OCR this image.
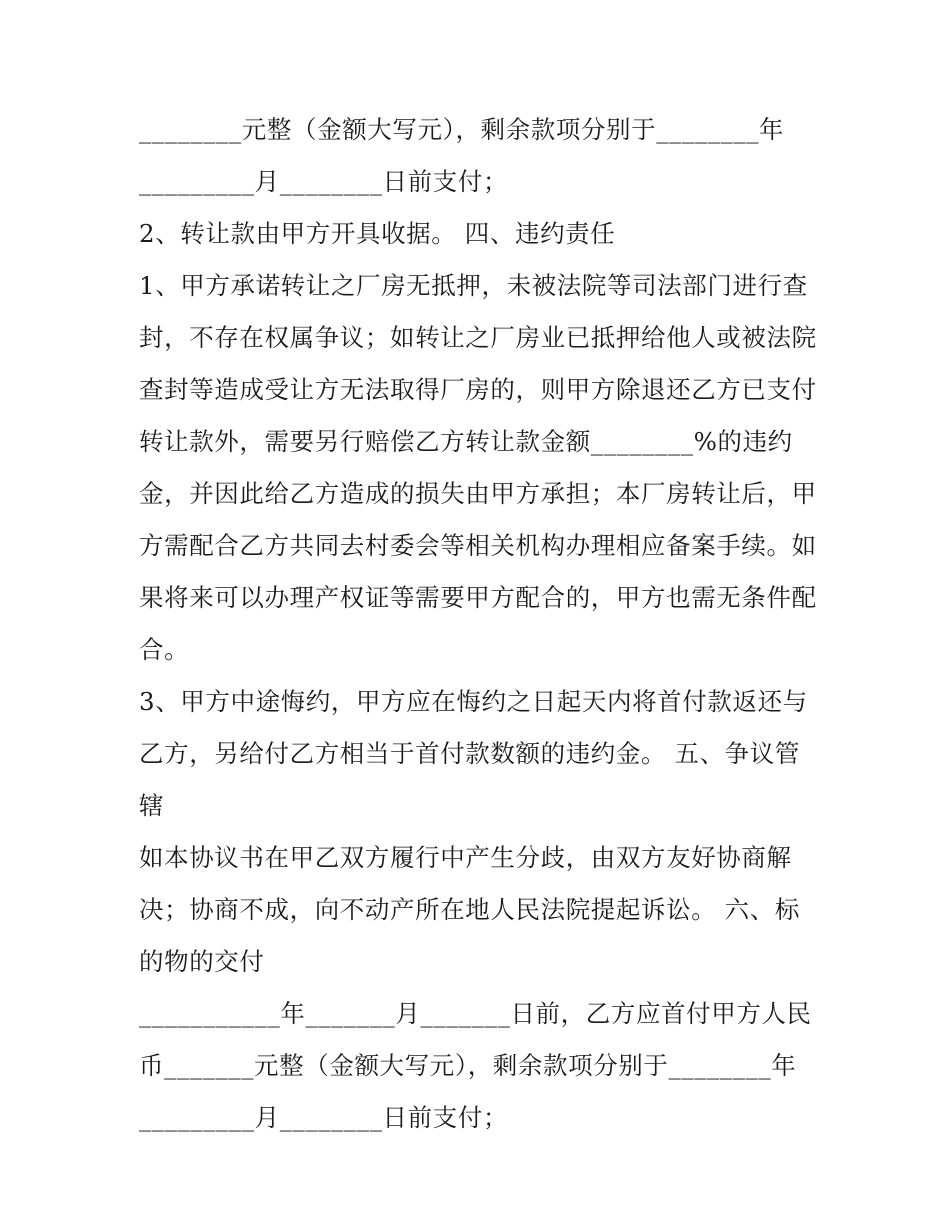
________元整（金额大写元），剩余款项分别于________年
_________月________日前支付；
2、转让款由甲方开具收据。 四、违约责任
1、甲方承诺转让之厂房无抵押，未被法院等司法部门进行查
封，不存在权属争议；如转让之厂房业已抵押给他人或被法院
查封等造成受让方无法取得厂房的，则甲方除退还乙方已支付
转让款外，需要另行赔偿乙方转让款金额________%的违约
金，并因此给乙方造成的损失由甲方承担；本厂房转让后，甲
方需配合乙方共同去村委会等相关机构办理相应备案手续。如
果将来可以办理产权证等需要甲方配合的，甲方也需无条件配
合。
3、甲方中途悔约，甲方应在悔约之日起天内将首付款返还与
乙方，另给付乙方相当于首付款数额的违约金。 五、争议管
辖
如本协议书在甲乙双方履行中产生分歧，由双方友好协商解
决；协商不成，向不动产所在地人民法院提起诉讼。 六、标
的物的交付
___________年_______月_______日前，乙方应首付甲方人民
币_______元整（金额大写元），剩余款项分别于________年
_________月________日前支付；
